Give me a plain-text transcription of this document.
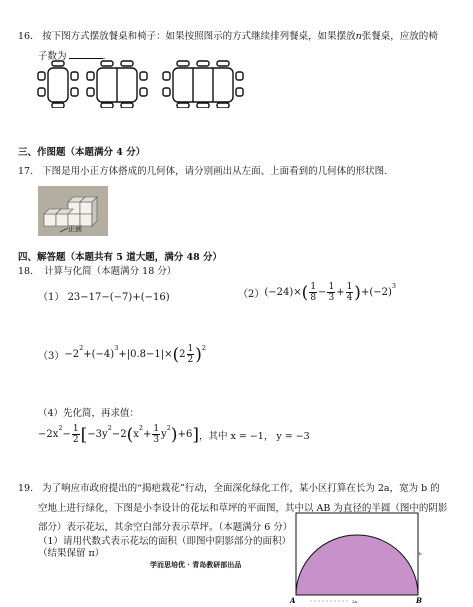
16. 按下图方式摆放餐桌和椅子：如果按照图示的方式继续排列餐桌，如果摆放n张餐桌，应放的椅
子数为	.
三、作图题（本题满分 4 分）
17. 下图是用小正方体搭成的几何体，请分别画出从左面、上面看到的几何体的形状图.
正面
四、解答题（本题共有 5 道大题，满分 48 分）
18. 计算与化简（本题满分 18 分）
（1） 23−17−(−7)+(−16)	（2） (−24)× ( $\frac{1}{8} - \frac{1}{3} + \frac{1}{4}$ ) +(−2)
$^3$
（3） −2
$^2$
+(−4)
$^3$
+|0.8−1|× ( $2 \frac{1}{2} )^2$
（4）先化简，再求值：
−2x
$^2$
− $\frac{1}{2}$ [ −3y
$^2$
−2 ( x
$^2$
+ $\frac{1}{3}$ y
$^2$ ) +6 ] ，其中 x = −1， y = −3
19. 为了响应市政府提出的“揭疤栽花”行动，全面深化绿化工作，某小区打算在长为 2a，宽为 b 的
空地上进行绿化，下图是小李设计的花坛和草坪的平面图，其中以 AB 为直径的半圆（图中的阴影
部分）表示花坛，其余空白部分表示草坪。（本题满分 6 分）
（1）请用代数式表示花坛的面积（即图中阴影部分的面积）
（结果保留 π）
学而思培优 · 青岛教研部出品
A	B
2a
b
